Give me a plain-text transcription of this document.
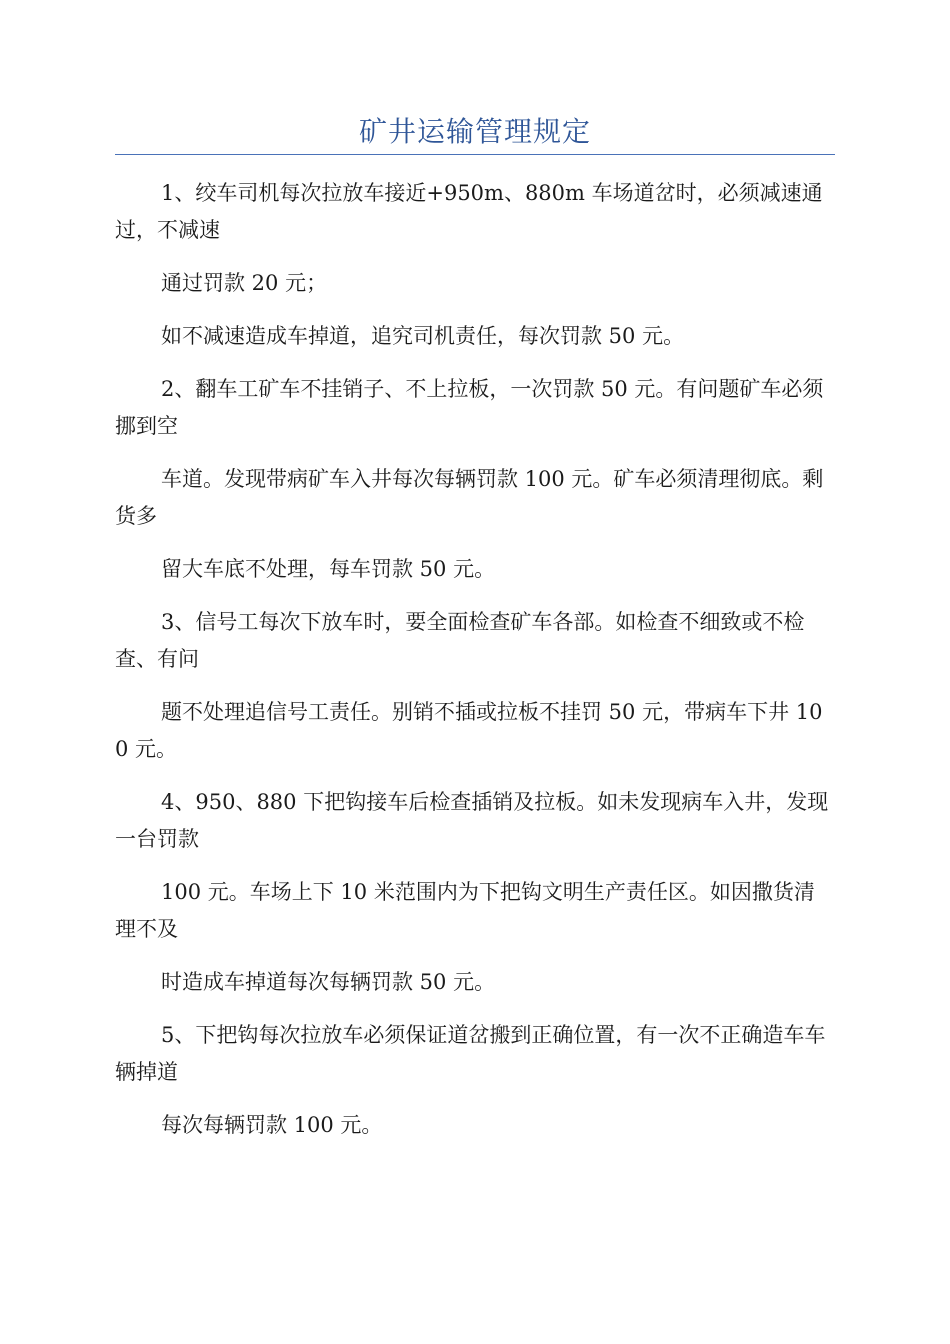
矿井运输管理规定

1、绞车司机每次拉放车接近+950m、880m 车场道岔时，必须减速通过，不减速

通过罚款 20 元；

如不减速造成车掉道，追究司机责任，每次罚款 50 元。

2、翻车工矿车不挂销子、不上拉板，一次罚款 50 元。有问题矿车必须挪到空

车道。发现带病矿车入井每次每辆罚款 100 元。矿车必须清理彻底。剩货多

留大车底不处理，每车罚款 50 元。

3、信号工每次下放车时，要全面检查矿车各部。如检查不细致或不检查、有问

题不处理追信号工责任。别销不插或拉板不挂罚 50 元，带病车下井 100 元。

4、950、880 下把钩接车后检查插销及拉板。如未发现病车入井，发现一台罚款

100 元。车场上下 10 米范围内为下把钩文明生产责任区。如因撒货清理不及

时造成车掉道每次每辆罚款 50 元。

5、下把钩每次拉放车必须保证道岔搬到正确位置，有一次不正确造车车辆掉道

每次每辆罚款 100 元。
